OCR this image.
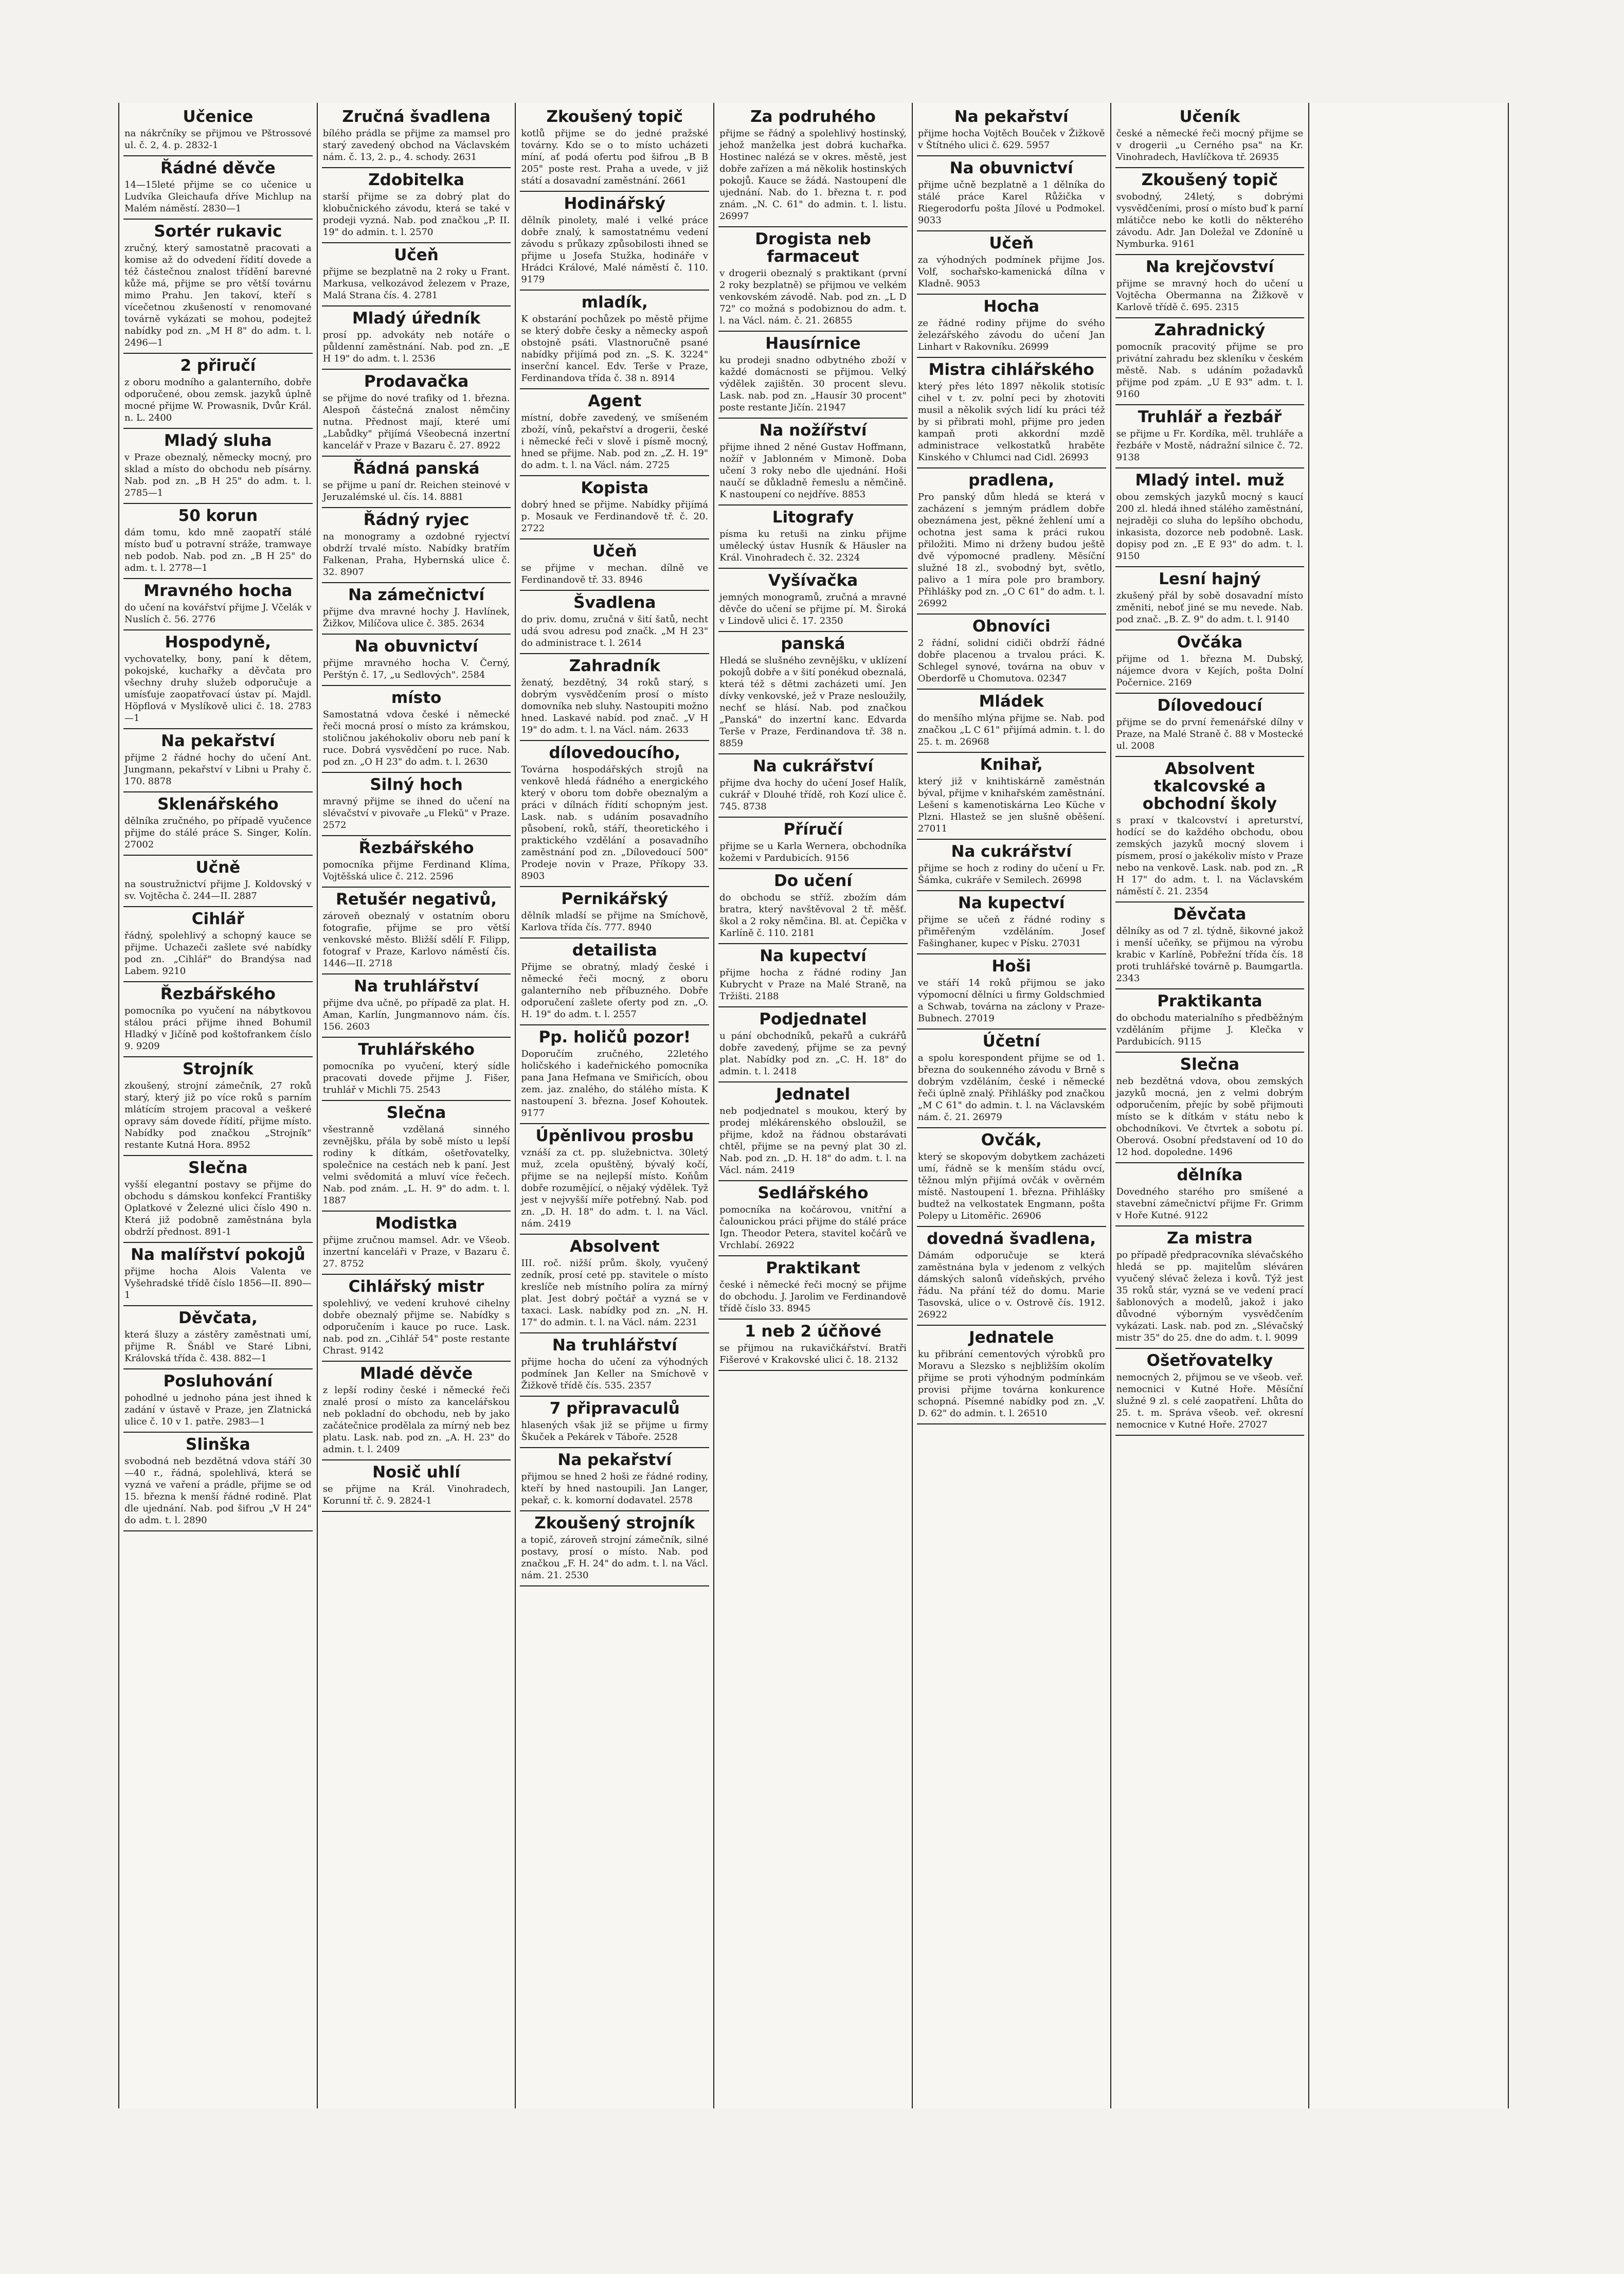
Učenice

na nákrčníky se přijmou ve Pštrossové ul. č. 2, 4. p. 2832-1

Řádné děvče

14—15leté přijme se co učenice u Ludvíka Gleichaufa dříve Michlup na Malém náměstí. 2830—1

Sortér rukavic

zručný, který samostatně pracovati a komise až do odvedení řídití dovede a též částečnou znalost třídění barevné kůže má, přijme se pro větší továrnu mimo Prahu. Jen takoví, kteří s vícečetnou zkušeností v renomované továrně vykázati se mohou, podejtež nabídky pod zn. „M H 8" do adm. t. l. 2496—1

2 přiručí

z oboru modního a galanterního, dobře odporučené, obou zemsk. jazyků úplně mocné přijme W. Prowasnik, Dvůr Král. n. L. 2400

Mladý sluha

v Praze obeznalý, německy mocný, pro sklad a místo do obchodu neb písárny. Nab. pod zn. „B H 25" do adm. t. l. 2785—1

50 korun

dám tomu, kdo mně zaopatří stálé místo buď u potravní stráže, tramwaye neb podob. Nab. pod zn. „B H 25" do adm. t. l. 2778—1

Mravného hocha

do učení na kovářství přijme J. Včelák v Nuslích č. 56. 2776

Hospodyně,

vychovatelky, bony, paní k dětem, pokojské, kuchařky a děvčata pro všechny druhy služeb odporučuje a umísťuje zaopatřovací ústav pí. Majdl. Höpflová v Myslíkově ulici č. 18. 2783—1

Na pekařství

přijme 2 řádné hochy do učení Ant. Jungmann, pekařství v Libni u Prahy č. 170. 8878

Sklenářského

dělníka zručného, po případě vyučence přijme do stálé práce S. Singer, Kolín. 27002

Učně

na soustružnictví přijme J. Koldovský v sv. Vojtěcha č. 244—II. 2887

Cihlář

řádný, spolehlivý a schopný kauce se přijme. Uchazeči zašlete své nabídky pod zn. „Cihlář" do Brandýsa nad Labem. 9210

Řezbářského

pomocníka po vyučení na nábytkovou stálou práci přijme ihned Bohumil Hladký v Jičíně pod koštofrankem číslo 9. 9209

Strojník

zkoušený, strojní zámečník, 27 roků starý, který již po více roků s parním mlátícím strojem pracoval a veškeré opravy sám dovede řídití, přijme místo. Nabídky pod značkou „Strojník" restante Kutná Hora. 8952

Slečna

vyšší elegantní postavy se přijme do obchodu s dámskou konfekcí Františky Oplatkové v Železné ulici číslo 490 n. Která již podobně zaměstnána byla obdrží přednost. 891-1

Na malířství pokojů

přijme hocha Alois Valenta ve Vyšehradské třídě číslo 1856—II. 890—1

Děvčata,

která šluzy a zástěry zaměstnati umí, přijme R. Šnábl ve Staré Libni, Královská třída č. 438. 882—1

Posluhování

pohodlné u jednoho pána jest ihned k zadání v ústavě v Praze, jen Zlatnická ulice č. 10 v 1. patře. 2983—1

Slinška

svobodná neb bezdětná vdova stáří 30—40 r., řádná, spolehlivá, která se vyzná ve vaření a prádle, přijme se od 15. března k menší řádné rodině. Plat dle ujednání. Nab. pod šifrou „V H 24" do adm. t. l. 2890

Zručná švadlena

bílého prádla se přijme za mamsel pro starý zavedený obchod na Václavském nám. č. 13, 2. p., 4. schody. 2631

Zdobitelka

starší přijme se za dobrý plat do klobučnického závodu, která se také v prodeji vyzná. Nab. pod značkou „P. II. 19" do admin. t. l. 2570

Učeň

přijme se bezplatně na 2 roky u Frant. Markusa, velkozávod železem v Praze, Malá Strana čís. 4. 2781

Mladý úředník

prosí pp. advokáty neb notáře o půldenní zaměstnání. Nab. pod zn. „E H 19" do adm. t. l. 2536

Prodavačka

se přijme do nové trafiky od 1. března. Alespoň částečná znalost němčiny nutna. Přednost mají, které umí „Labůdky" přijímá Všeobecná inzertní kancelář v Praze v Bazaru č. 27. 8922

Řádná panská

se přijme u paní dr. Reichen steinové v Jeruzalémské ul. čís. 14. 8881

Řádný ryjec

na monogramy a ozdobné ryjectví obdrží trvalé místo. Nabídky bratřím Falkenan, Praha, Hybernská ulice č. 32. 8907

Na zámečnictví

přijme dva mravné hochy J. Havlínek, Žižkov, Milíčova ulice č. 385. 2634

Na obuvnictví

přijme mravného hocha V. Černý, Perštýn č. 17, „u Sedlových". 2584

místo

Samostatná vdova české i německé řeči mocná prosí o místo za krámskou, stoličnou jakéhokoliv oboru neb paní k ruce. Dobrá vysvědčení po ruce. Nab. pod zn. „O H 23" do adm. t. l. 2630

Silný hoch

mravný přijme se ihned do učení na slévačství v pivovaře „u Flekŭ" v Praze. 2572

Řezbářského

pomocníka přijme Ferdinand Klíma, Vojtěšská ulice č. 212. 2596

Retušér negativů,

zároveň obeznalý v ostatním oboru fotografie, přijme se pro větší venkovské město. Bližší sdělí F. Filipp, fotograf v Praze, Karlovo náměstí čís. 1446—II. 2718

Na truhlářství

přijme dva učně, po případě za plat. H. Aman, Karlín, Jungmannovo nám. čís. 156. 2603

Truhlářského

pomocníka po vyučení, který sídle pracovati dovede přijme J. Fišer, truhlář v Michli 75. 2543

Slečna

všestranně vzdělaná sinného zevnějšku, přála by sobě místo u lepší rodiny k dítkám, ošetřovatelky, společnice na cestách neb k paní. Jest velmi svědomitá a mluví více řečech. Nab. pod znám. „L. H. 9" do adm. t. l. 1887

Modistka

přijme zručnou mamsel. Adr. ve Všeob. inzertní kanceláři v Praze, v Bazaru č. 27. 8752

Cihlářský mistr

spolehlivý, ve vedení kruhové cihelny dobře obeznalý přijme se. Nabídky s odporučením i kauce po ruce. Lask. nab. pod zn. „Cihlář 54" poste restante Chrast. 9142

Mladé děvče

z lepší rodiny české i německé řeči znalé prosí o místo za kancelářskou neb pokladní do obchodu, neb by jako začátečnice prodělala za mírný neb bez platu. Lask. nab. pod zn. „A. H. 23" do admin. t. l. 2409

Nosič uhlí

se přijme na Král. Vinohradech, Korunní tř. č. 9. 2824-1

Zkoušený topič

kotlů přijme se do jedné pražské továrny. Kdo se o to místo ucházeti míní, ať podá ofertu pod šifrou „B B 205" poste rest. Praha a uvede, v již státí a dosavadní zaměstnání. 2661

Hodinářský

dělník pinolety, malé i velké práce dobře znalý, k samostatnému vedení závodu s průkazy způsobilosti ihned se přijme u Josefa Stužka, hodináře v Hrádci Králové, Malé náměstí č. 110. 9179

mladík,

K obstarání pochůzek po městě přijme se který dobře česky a německy aspoň obstojně psáti. Vlastnoručně psané nabídky přijímá pod zn. „S. K. 3224" inserční kancel. Edv. Terše v Praze, Ferdinandova třída č. 38 n. 8914

Agent

místní, dobře zavedený, ve smíšeném zboží, vínů, pekařství a drogerii, české i německé řeči v slově i písmě mocný, hned se přijme. Nab. pod zn. „Z. H. 19" do adm. t. l. na Václ. nám. 2725

Kopista

dobrý hned se přijme. Nabídky přijímá p. Mosauk ve Ferdinandově tř. č. 20. 2722

Učeň

se přijme v mechan. dílně ve Ferdinandově tř. 33. 8946

Švadlena

do priv. domu, zručná v šití šatů, necht udá svou adresu pod značk. „M H 23" do administrace t. l. 2614

Zahradník

ženatý, bezdětný, 34 roků starý, s dobrým vysvědčením prosí o místo domovníka neb sluhy. Nastoupiti možno hned. Laskavé nabíd. pod znač. „V H 19" do adm. t. l. na Václ. nám. 2633

dílovedoucího,

Továrna hospodářských strojů na venkově hledá řádného a energického který v oboru tom dobře obeznalým a práci v dílnách řídití schopným jest. Lask. nab. s udáním posavadního působení, roků, stáří, theoretického i praktického vzdělání a posavadního zaměstnání pod zn. „Dílovedoucí 500" Prodeje novin v Praze, Příkopy 33. 8903

Pernikářský

dělník mladší se přijme na Smíchově, Karlova třída čís. 777. 8940

detailista

Přijme se obratný, mladý české i německé řeči mocný, z oboru galanterního neb příbuzného. Dobře odporučení zašlete oferty pod zn. „O. H. 19" do adm. t. l. 2557

Pp. holičů pozor!

Doporučím zručného, 22letého holičského i kadeřnického pomocníka pana Jana Hefmana ve Smiřicích, obou zem. jaz. znalého, do stálého místa. K nastoupení 3. března. Josef Kohoutek. 9177

Úpěnlivou prosbu

vznáší za ct. pp. služebnictva. 30letý muž, zcela opuštěný, bývalý kočí, přijme se na nejlepší místo. Koňům dobře rozumějící, o nějaký výdělek. Tyž jest v nejvyšší míře potřebný. Nab. pod zn. „D. H. 18" do adm. t. l. na Václ. nám. 2419

Absolvent

III. roč. nižší prům. školy, vyučený zedník, prosí ceté pp. stavitele o místo kreslíče neb místního políra za mírný plat. Jest dobrý počtář a vyzná se v taxaci. Lask. nabídky pod zn. „N. H. 17" do admin. t. l. na Václ. nám. 2231

Na truhlářství

přijme hocha do učení za výhodných podmínek Jan Keller na Smíchově v Žižkově třídě čís. 535. 2357

7 připravaculů

hlasených však již se přijme u firmy Škuček a Pekárek v Táboře. 2528

Na pekařství

přijmou se hned 2 hoši ze řádné rodiny, kteří by hned nastoupili. Jan Langer, pekař, c. k. komorní dodavatel. 2578

Zkoušený strojník

a topič, zároveň strojní zámečník, silné postavy, prosí o místo. Nab. pod značkou „F. H. 24" do adm. t. l. na Václ. nám. 21. 2530

Za podruhého

přijme se řádný a spolehlivý hostinský, jehož manželka jest dobrá kuchařka. Hostinec nalézá se v okres. městě, jest dobře zařízen a má několik hostinských pokojů. Kauce se žádá. Nastoupení dle ujednání. Nab. do 1. března t. r. pod znám. „N. C. 61" do admin. t. l. listu. 26997

Drogista neb farmaceut

v drogerii obeznalý s praktikant (první 2 roky bezplatně) se přijmou ve velkém venkovském závodě. Nab. pod zn. „L D 72" co možná s podobiznou do adm. t. l. na Václ. nám. č. 21. 26855

Hausírnice

ku prodeji snadno odbytného zboží v každé domácnosti se přijmou. Velký výdělek zajištěn. 30 procent slevu. Lask. nab. pod zn. „Hausír 30 procent" poste restante Jičín. 21947

Na nožířství

přijme ihned 2 něné Gustav Hoffmann, nožíř v Jablonném v Mimoně. Doba učení 3 roky nebo dle ujednání. Hoši naučí se důkladně řemeslu a němčině. K nastoupení co nejdříve. 8853

Litografy

písma ku retuši na zinku přijme umělecký ústav Husník & Häusler na Král. Vinohradech č. 32. 2324

Vyšívačka

jemných monogramů, zručná a mravné děvče do učení se přijme pí. M. Široká v Lindově ulici č. 17. 2350

panská

Hledá se slušného zevnějšku, v uklízení pokojů dobře a v šití ponékud obeznalá, která též s dětmi zacházeti umí. Jen dívky venkovské, jež v Praze nesloužily, nechť se hlásí. Nab. pod značkou „Panská" do inzertní kanc. Edvarda Terše v Praze, Ferdinandova tř. 38 n. 8859

Na cukrářství

přijme dva hochy do učení Josef Halík, cukrář v Dlouhé třídě, roh Kozí ulice č. 745. 8738

Příručí

přijme se u Karla Wernera, obchodníka kožemi v Pardubicích. 9156

Do učení

do obchodu se stříž. zbožím dám bratra, který navštěvoval 2 tř. měšť. škol a 2 roky němčina. Bl. at. Čepička v Karlíně č. 110. 2181

Na kupectví

přijme hocha z řádné rodiny Jan Kubrycht v Praze na Malé Straně, na Tržišti. 2188

Podjednatel

u pání obchodníků, pekařů a cukrářů dobře zavedený, přijme se za pevný plat. Nabídky pod zn. „C. H. 18" do admin. t. l. 2418

Jednatel

neb podjednatel s moukou, který by prodej mlékárenského obsloužil, se přijme, kdož na řádnou obstarávati chtěl, přijme se na pevný plat 30 zl. Nab. pod zn. „D. H. 18" do adm. t. l. na Václ. nám. 2419

Sedlářského

pomocníka na kočárovou, vnitřní a čalounickou práci přijme do stálé práce Ign. Theodor Petera, stavitel kočárů ve Vrchlabí. 26922

Praktikant

české i německé řeči mocný se přijme do obchodu. J. Jarolim ve Ferdinandově třídě číslo 33. 8945

1 neb 2 účňové

se přijmou na rukavičkářství. Bratři Fišerové v Krakovské ulici č. 18. 2132

Na pekařství

přijme hocha Vojtěch Bouček v Žižkově v Štítného ulici č. 629. 5957

Na obuvnictví

přijme učně bezplatně a 1 dělníka do stálé práce Karel Růžička v Riegerodorfu pošta Jílové u Podmokel. 9033

Učeň

za výhodných podmínek přijme Jos. Volf, sochařsko-kamenická dílna v Kladně. 9053

Hocha

ze řádné rodiny přijme do svého železářského závodu do učení Jan Linhart v Rakovníku. 26999

Mistra cihlářského

který přes léto 1897 několik stotisíc cihel v t. zv. polní peci by zhotoviti musil a několik svých lidí ku práci též by si přibrati mohl, přijme pro jeden kampaň proti akkordní mzdě administrace velkostatků hraběte Kinského v Chlumci nad Cidl. 26993

pradlena,

Pro panský dům hledá se která v zacházení s jemným prádlem dobře obeznámena jest, pěkné žehlení umí a ochotna jest sama k práci rukou přiložiti. Mimo ni drženy budou ještě dvě výpomocné pradleny. Měsíční služné 18 zl., svobodný byt, světlo, palivo a 1 míra pole pro brambory. Přihlášky pod zn. „O C 61" do adm. t. l. 26992

Obnovíci

2 řádní, solidní cidiči obdrží řádné dobře placenou a trvalou práci. K. Schlegel synové, továrna na obuv v Oberdorfě u Chomutova. 02347

Mládek

do menšího mlýna přijme se. Nab. pod značkou „L C 61" přijímá admin. t. l. do 25. t. m. 26968

Knihař,

který již v knihtiskárně zaměstnán býval, přijme v knihařském zaměstnání. Lešení s kamenotiskárna Leo Küche v Plzni. Hlastež se jen slušně oběšení. 27011

Na cukrářství

přijme se hoch z rodiny do učení u Fr. Šámka, cukráře v Semilech. 26998

Na kupectví

přijme se učeň z řádné rodiny s přiměřeným vzděláním. Josef Fašinghaner, kupec v Písku. 27031

Hoši

ve stáří 14 roků přijmou se jako výpomocní dělníci u firmy Goldschmied a Schwab, továrna na záclony v Praze-Bubnech. 27019

Účetní

a spolu korespondent přijme se od 1. března do soukenného závodu v Brně s dobrým vzděláním, české i německé řeči úplně znalý. Přihlášky pod značkou „M C 61" do admin. t. l. na Václavském nám. č. 21. 26979

Ovčák,

který se skopovým dobytkem zacházeti umí, řádně se k menším stádu ovcí, těžnou mlýn přijímá ovčák v ověrném místě. Nastoupení 1. března. Přihlášky budtež na velkostatek Engmann, pošta Polepy u Litoměřic. 26906

dovedná švadlena,

Dámám odporučuje se která zaměstnána byla v jedenom z velkých dámských salonů vídeňských, prvého řádu. Na přání též do domu. Marie Tasovská, ulice o v. Ostrově čís. 1912. 26922

Jednatele

ku přibrání cementových výrobků pro Moravu a Slezsko s nejbližším okolím přijme se proti výhodným podmínkám provisi přijme továrna konkurence schopná. Písemné nabídky pod zn. „V. D. 62" do admin. t. l. 26510

Učeník

české a německé řeči mocný přijme se v drogerii „u Cerného psa" na Kr. Vinohradech, Havlíčkova tř. 26935

Zkoušený topič

svobodný, 24letý, s dobrými vysvědčeními, prosí o místo buď k parní mlátičce nebo ke kotli do některého závodu. Adr. Jan Doležal ve Zdoníně u Nymburka. 9161

Na krejčovství

přijme se mravný hoch do učení u Vojtěcha Obermanna na Žižkově v Karlově třídě č. 695. 2315

Zahradnický

pomocník pracovitý přijme se pro privátní zahradu bez skleníku v českém městě. Nab. s udáním požadavků přijme pod zpám. „U E 93" adm. t. l. 9160

Truhlář a řezbář

se přijme u Fr. Kordíka, měl. truhláře a řezbáře v Mostě, nádražní silnice č. 72. 9138

Mladý intel. muž

obou zemských jazyků mocný s kaucí 200 zl. hledá ihned stálého zaměstnání, nejraději co sluha do lepšího obchodu, inkasista, dozorce neb podobně. Lask. dopisy pod zn. „E E 93" do adm. t. l. 9150

Lesní hajný

zkušený přál by sobě dosavadní místo změniti, neboť jiné se mu nevede. Nab. pod znač. „B. Z. 9" do adm. t. l. 9140

Ovčáka

přijme od 1. března M. Dubský, nájemce dvora v Kejích, pošta Dolní Počernice. 2169

Dílovedoucí

přijme se do první řemenářské dílny v Praze, na Malé Straně č. 88 v Mostecké ul. 2008

Absolvent tkalcovské a obchodní školy

s praxí v tkalcovství i apreturství, hodící se do každého obchodu, obou zemských jazyků mocný slovem i písmem, prosí o jakékoliv místo v Praze nebo na venkově. Lask. nab. pod zn. „R H 17" do adm. t. l. na Václavském náměstí č. 21. 2354

Děvčata

dělníky as od 7 zl. týdně, šikovné jakož i menší učeňky, se přijmou na výrobu krabic v Karlíně, Pobřežní třída čís. 18 proti truhlářské továrně p. Baumgartla. 2343

Praktikanta

do obchodu materialního s předběžným vzděláním přijme J. Klečka v Pardubicích. 9115

Slečna

neb bezdětná vdova, obou zemských jazyků mocná, jen z velmi dobrým odporučením, přejíc by sobě přijmouti místo se k dítkám v státu nebo k obchodníkovi. Ve čtvrtek a sobotu pí. Oberová. Osobní představení od 10 do 12 hod. dopoledne. 1496

dělníka

Dovedného starého pro smíšené a stavební zámečnictví přijme Fr. Grimm v Hoře Kutné. 9122

Za mistra

po případě předpracovníka slévačského hledá se pp. majitelům sléváren vyučený slévač železa i kovů. Týž jest 35 roků stár, vyzná se ve vedení prací šablonových a modelů, jakož i jako důvodné výborným vysvědčením vykázati. Lask. nab. pod zn. „Slévačský mistr 35" do 25. dne do adm. t. l. 9099

Ošetřovatelky

nemocných 2, přijmou se ve všeob. veř. nemocnici v Kutné Hoře. Měsíční služné 9 zl. s celé zaopatření. Lhůta do 25. t. m. Správa všeob. veř. okresní nemocnice v Kutné Hoře. 27027
